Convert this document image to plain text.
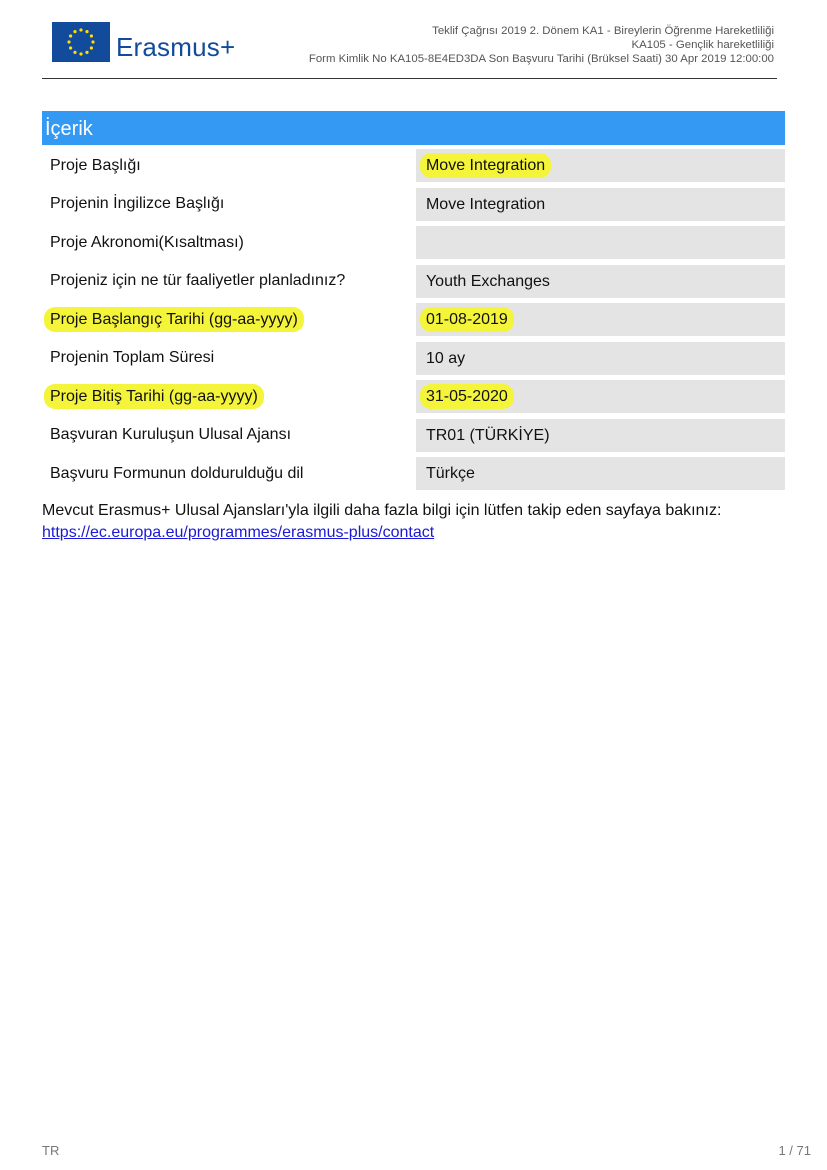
Erasmus+
Teklif Çağrısı 2019 2. Dönem KA1 - Bireylerin Öğrenme Hareketliliği
KA105 - Gençlik hareketliliği
Form Kimlik No KA105-8E4ED3DA Son Başvuru Tarihi (Brüksel Saati) 30 Apr 2019 12:00:00
İçerik
Proje Başlığı	Move Integration
Projenin İngilizce Başlığı	Move Integration
Proje Akronomi(Kısaltması)
Projeniz için ne tür faaliyetler planladınız?	Youth Exchanges
Proje Başlangıç Tarihi (gg-aa-yyyy)	01-08-2019
Projenin Toplam Süresi	10 ay
Proje Bitiş Tarihi (gg-aa-yyyy)	31-05-2020
Başvuran Kuruluşun Ulusal Ajansı	TR01 (TÜRKİYE)
Başvuru Formunun doldurulduğu dil	Türkçe
Mevcut Erasmus+ Ulusal Ajansları'yla ilgili daha fazla bilgi için lütfen takip eden sayfaya bakınız:
https://ec.europa.eu/programmes/erasmus-plus/contact
TR	1 / 71
